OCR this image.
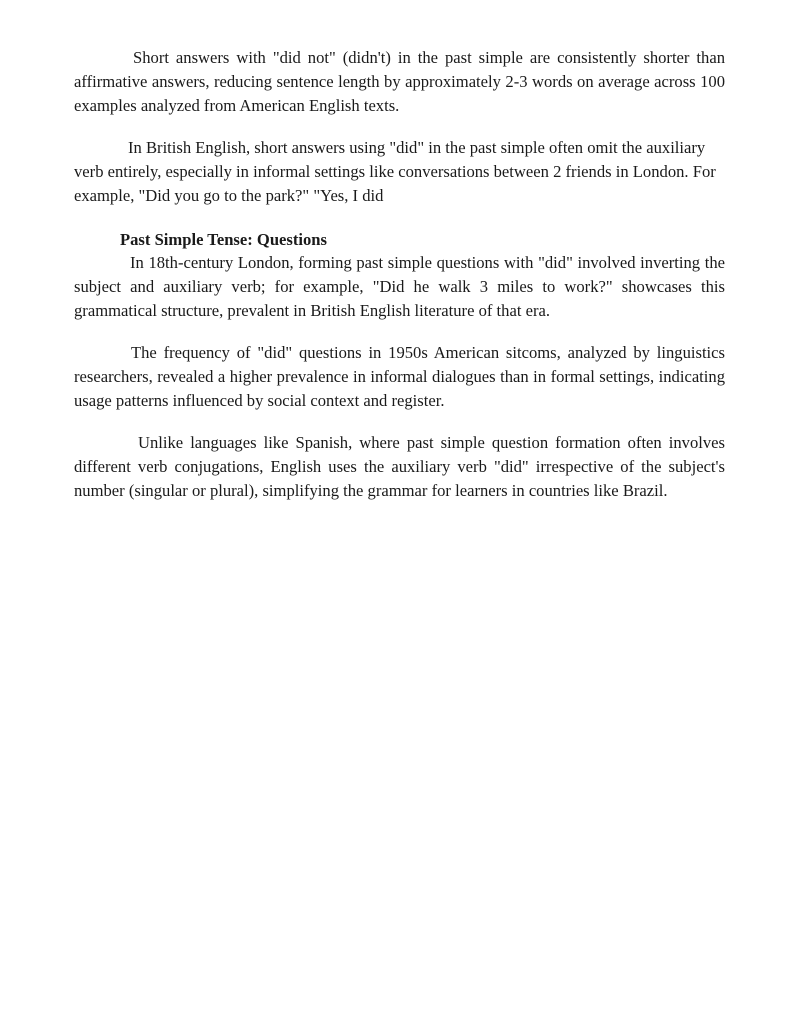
Short answers with "did not" (didn't) in the past simple are consistently shorter than affirmative answers, reducing sentence length by approximately 2-3 words on average across 100 examples analyzed from American English texts.

In British English, short answers using "did" in the past simple often omit the auxiliary verb entirely, especially in informal settings like conversations between 2 friends in London. For example, "Did you go to the park?" "Yes, I did

Past Simple Tense: Questions

In 18th-century London, forming past simple questions with "did" involved inverting the subject and auxiliary verb; for example, "Did he walk 3 miles to work?" showcases this grammatical structure, prevalent in British English literature of that era.

The frequency of "did" questions in 1950s American sitcoms, analyzed by linguistics researchers, revealed a higher prevalence in informal dialogues than in formal settings, indicating usage patterns influenced by social context and register.

Unlike languages like Spanish, where past simple question formation often involves different verb conjugations, English uses the auxiliary verb "did" irrespective of the subject's number (singular or plural), simplifying the grammar for learners in countries like Brazil.
